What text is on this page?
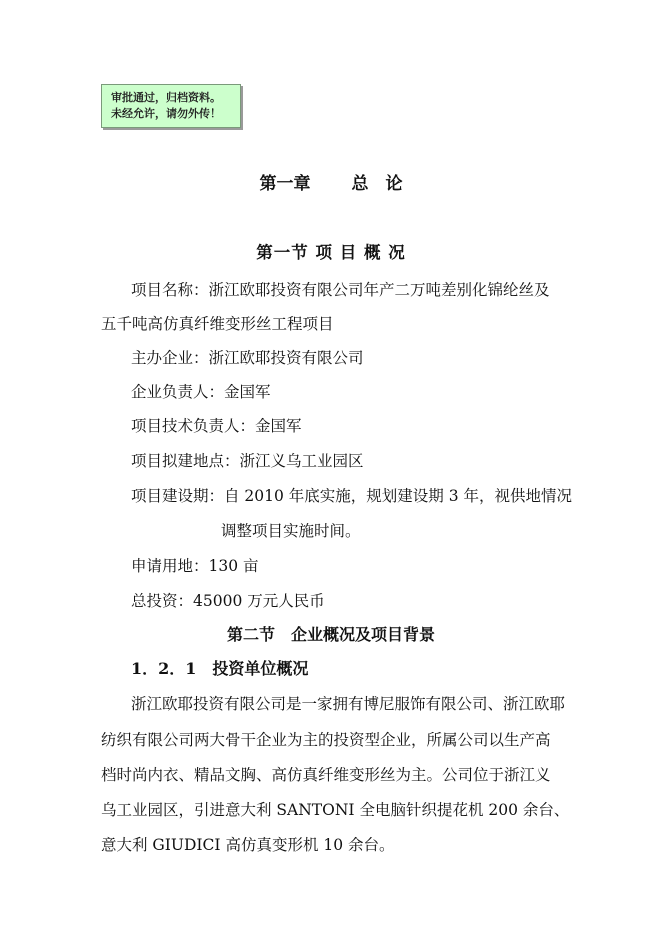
审批通过，归档资料。
未经允许，请勿外传！
第一章　 总　论
第一节 项 目 概 况
项目名称：浙江欧耶投资有限公司年产二万吨差别化锦纶丝及
五千吨高仿真纤维变形丝工程项目
主办企业：浙江欧耶投资有限公司
企业负责人：金国军
项目技术负责人：金国军
项目拟建地点：浙江义乌工业园区
项目建设期：自 2010 年底实施，规划建设期 3 年，视供地情况
调整项目实施时间。
申请用地：130 亩
总投资：45000 万元人民币
第二节　企业概况及项目背景
1．2．1　投资单位概况
浙江欧耶投资有限公司是一家拥有博尼服饰有限公司、浙江欧耶
纺织有限公司两大骨干企业为主的投资型企业，所属公司以生产高
档时尚内衣、精品文胸、高仿真纤维变形丝为主。公司位于浙江义
乌工业园区，引进意大利 SANTONI 全电脑针织提花机 200 余台、
意大利 GIUDICI 高仿真变形机 10 余台。
